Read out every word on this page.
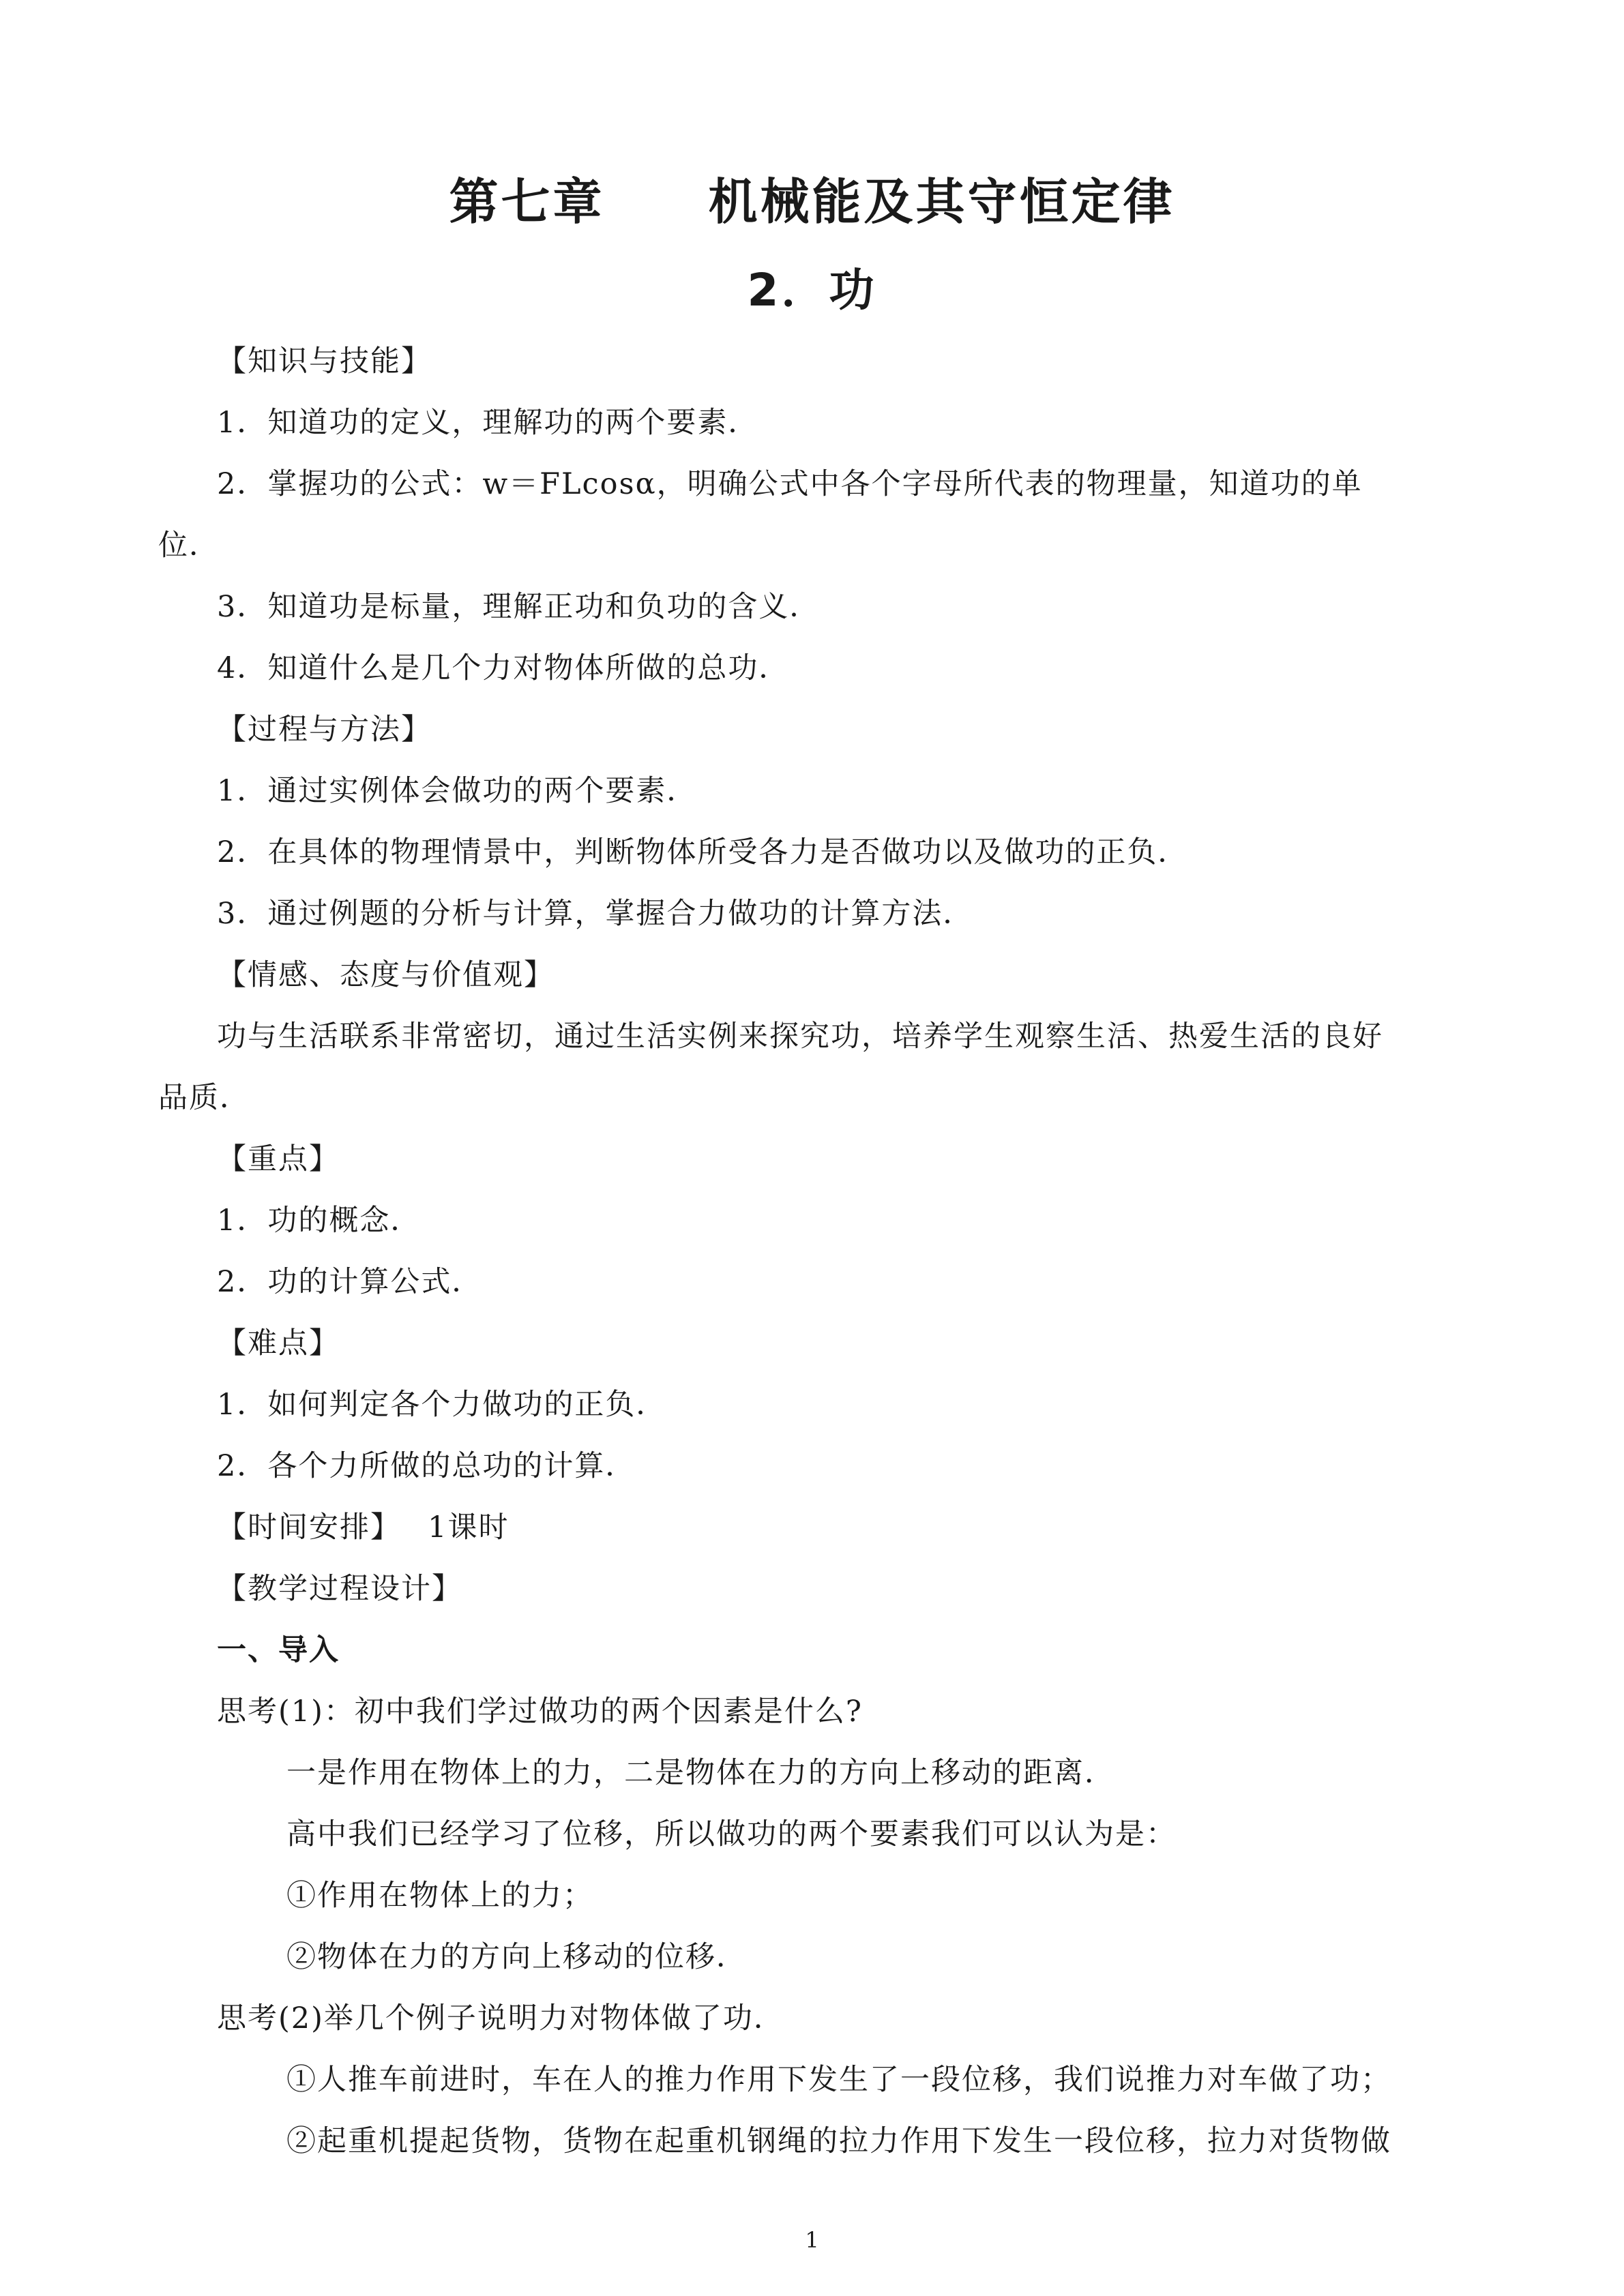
第七章　　机械能及其守恒定律
2．功

【知识与技能】

1．知道功的定义，理解功的两个要素．

2．掌握功的公式：w＝FLcosα，明确公式中各个字母所代表的物理量，知道功的单

位．

3．知道功是标量，理解正功和负功的含义．

4．知道什么是几个力对物体所做的总功．

【过程与方法】

1．通过实例体会做功的两个要素．

2．在具体的物理情景中，判断物体所受各力是否做功以及做功的正负．

3．通过例题的分析与计算，掌握合力做功的计算方法．

【情感、态度与价值观】

功与生活联系非常密切，通过生活实例来探究功，培养学生观察生活、热爱生活的良好

品质．

【重点】

1．功的概念．

2．功的计算公式．

【难点】

1．如何判定各个力做功的正负．

2．各个力所做的总功的计算．

【时间安排】　 1课时

【教学过程设计】

一、导入

思考(1)：初中我们学过做功的两个因素是什么?

一是作用在物体上的力，二是物体在力的方向上移动的距离．

高中我们已经学习了位移，所以做功的两个要素我们可以认为是：

①作用在物体上的力；

②物体在力的方向上移动的位移．

思考(2)举几个例子说明力对物体做了功．

①人推车前进时，车在人的推力作用下发生了一段位移，我们说推力对车做了功；

②起重机提起货物，货物在起重机钢绳的拉力作用下发生一段位移，拉力对货物做

1
